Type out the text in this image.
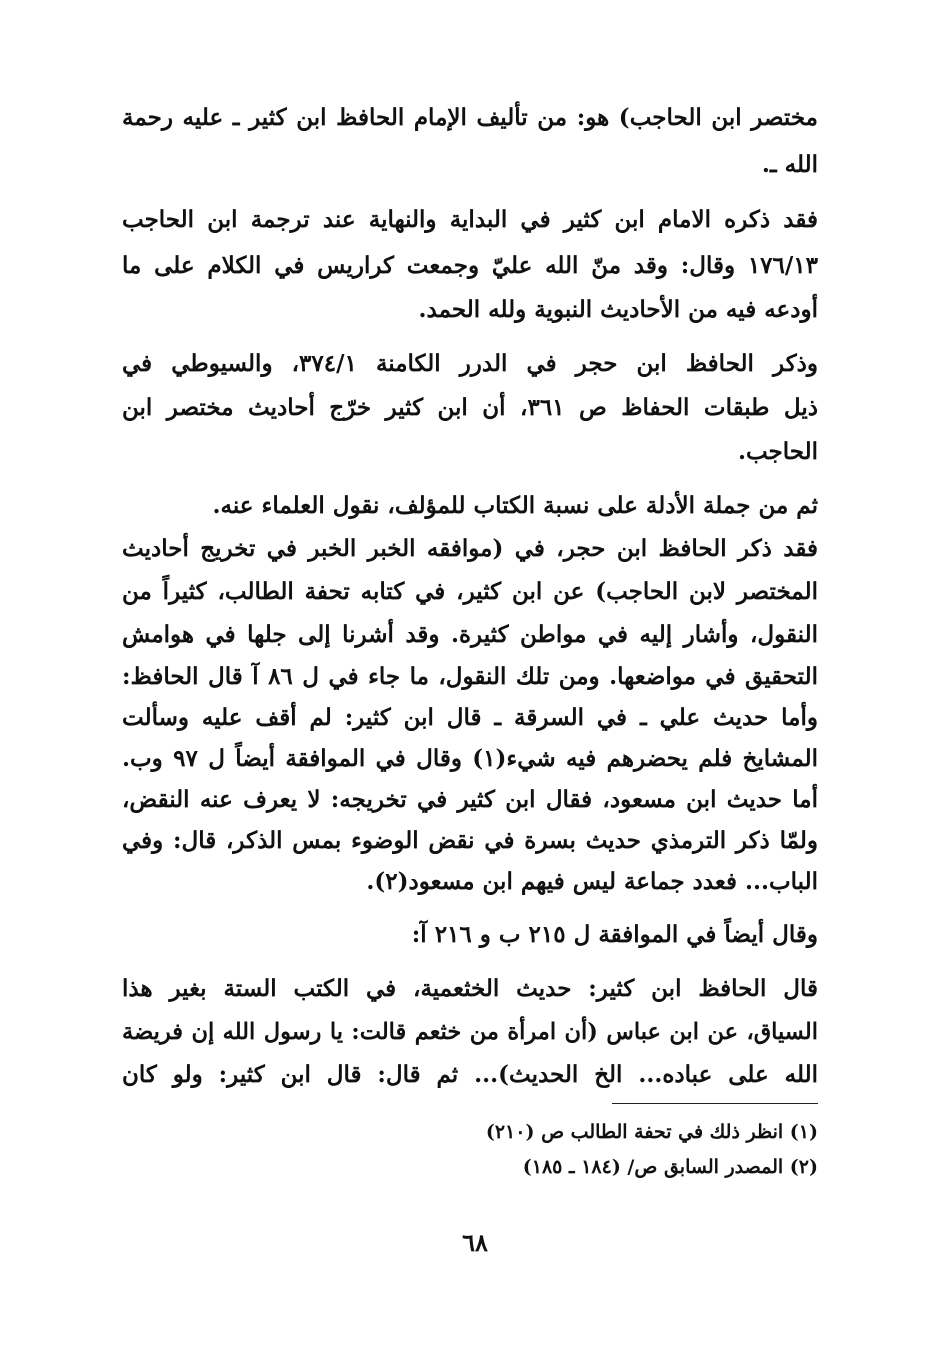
مختصر ابن الحاجب) هو: من تأليف الإمام الحافظ ابن كثير ـ عليه رحمة
الله ـ.
فقد ذكره الامام ابن كثير في البداية والنهاية عند ترجمة ابن الحاجب
١٧٦/١٣ وقال: وقد منّ الله عليّ وجمعت كراريس في الكلام على ما
أودعه فيه من الأحاديث النبوية ولله الحمد.
وذكر الحافظ ابن حجر في الدرر الكامنة ٣٧٤/١، والسيوطي في
ذيل طبقات الحفاظ ص ٣٦١، أن ابن كثير خرّج أحاديث مختصر ابن
الحاجب.
ثم من جملة الأدلة على نسبة الكتاب للمؤلف، نقول العلماء عنه.
فقد ذكر الحافظ ابن حجر، في (موافقه الخبر الخبر في تخريج أحاديث
المختصر لابن الحاجب) عن ابن كثير، في كتابه تحفة الطالب، كثيراً من
النقول، وأشار إليه في مواطن كثيرة. وقد أشرنا إلى جلها في هوامش
التحقيق في مواضعها. ومن تلك النقول، ما جاء في ل ٨٦ آ قال الحافظ:
وأما حديث علي ـ في السرقة ـ قال ابن كثير: لم أقف عليه وسألت
المشايخ فلم يحضرهم فيه شيء(١) وقال في الموافقة أيضاً ل ٩٧ وب.
أما حديث ابن مسعود، فقال ابن كثير في تخريجه: لا يعرف عنه النقض،
ولمّا ذكر الترمذي حديث بسرة في نقض الوضوء بمس الذكر، قال: وفي
الباب... فعدد جماعة ليس فيهم ابن مسعود(٢).
وقال أيضاً في الموافقة ل ٢١٥ ب و ٢١٦ آ:
قال الحافظ ابن كثير: حديث الخثعمية، في الكتب الستة بغير هذا
السياق، عن ابن عباس (أن امرأة من خثعم قالت: يا رسول الله إن فريضة
الله على عباده... الخ الحديث)... ثم قال: قال ابن كثير: ولو كان
(١) انظر ذلك في تحفة الطالب ص (٢١٠)
(٢) المصدر السابق ص/ (١٨٤ ـ ١٨٥)
٦٨
